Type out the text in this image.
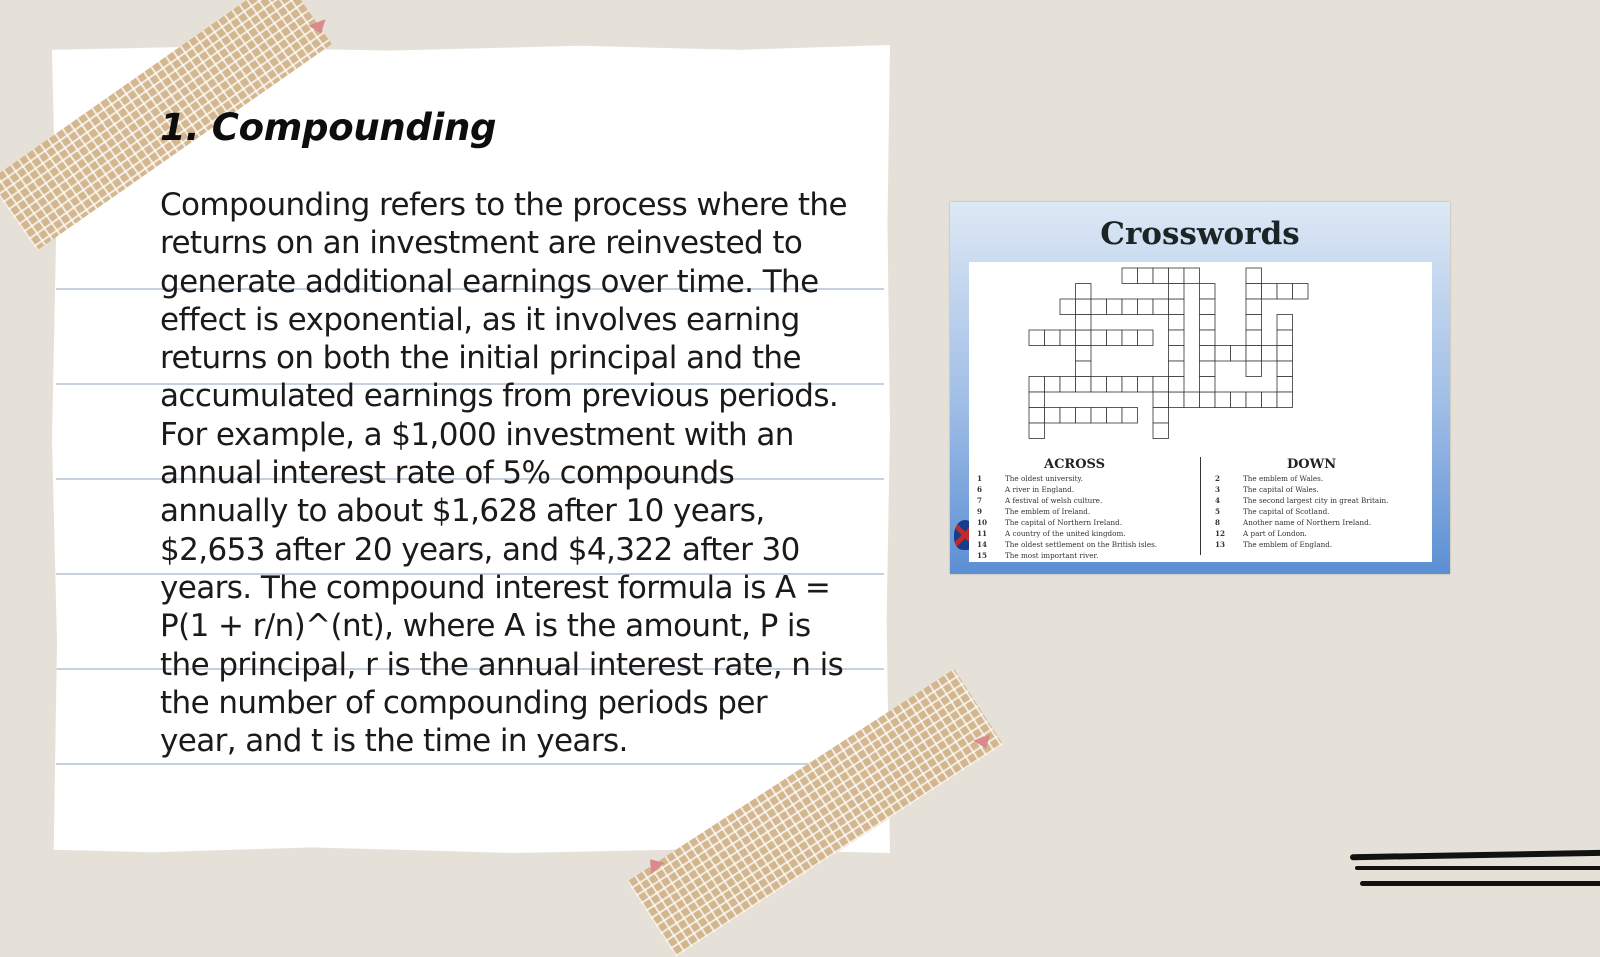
1. Compounding

Compounding refers to the process where the returns on an investment are reinvested to generate additional earnings over time. The effect is exponential, as it involves earning returns on both the initial principal and the accumulated earnings from previous periods. For example, a $1,000 investment with an annual interest rate of 5% compounds annually to about $1,628 after 10 years, $2,653 after 20 years, and $4,322 after 30 years. The compound interest formula is A = P(1 + r/n)^(nt), where A is the amount, P is the principal, r is the annual interest rate, n is the number of compounding periods per year, and t is the time in years.

Crosswords
ACROSS	DOWN
1	The oldest university.
6	A river in England.
7	A festival of welsh culture.
9	The emblem of Ireland.
10 The capital of Northern Ireland.
11 A country of the united kingdom.
14 The oldest settlement on the British isles.
15 The most important river.
2	The emblem of Wales.
3	The capital of Wales.
4	The second largest city in great Britain.
5	The capital of Scotland.
8	Another name of Northern Ireland.
12 A part of London.
13 The emblem of England.
